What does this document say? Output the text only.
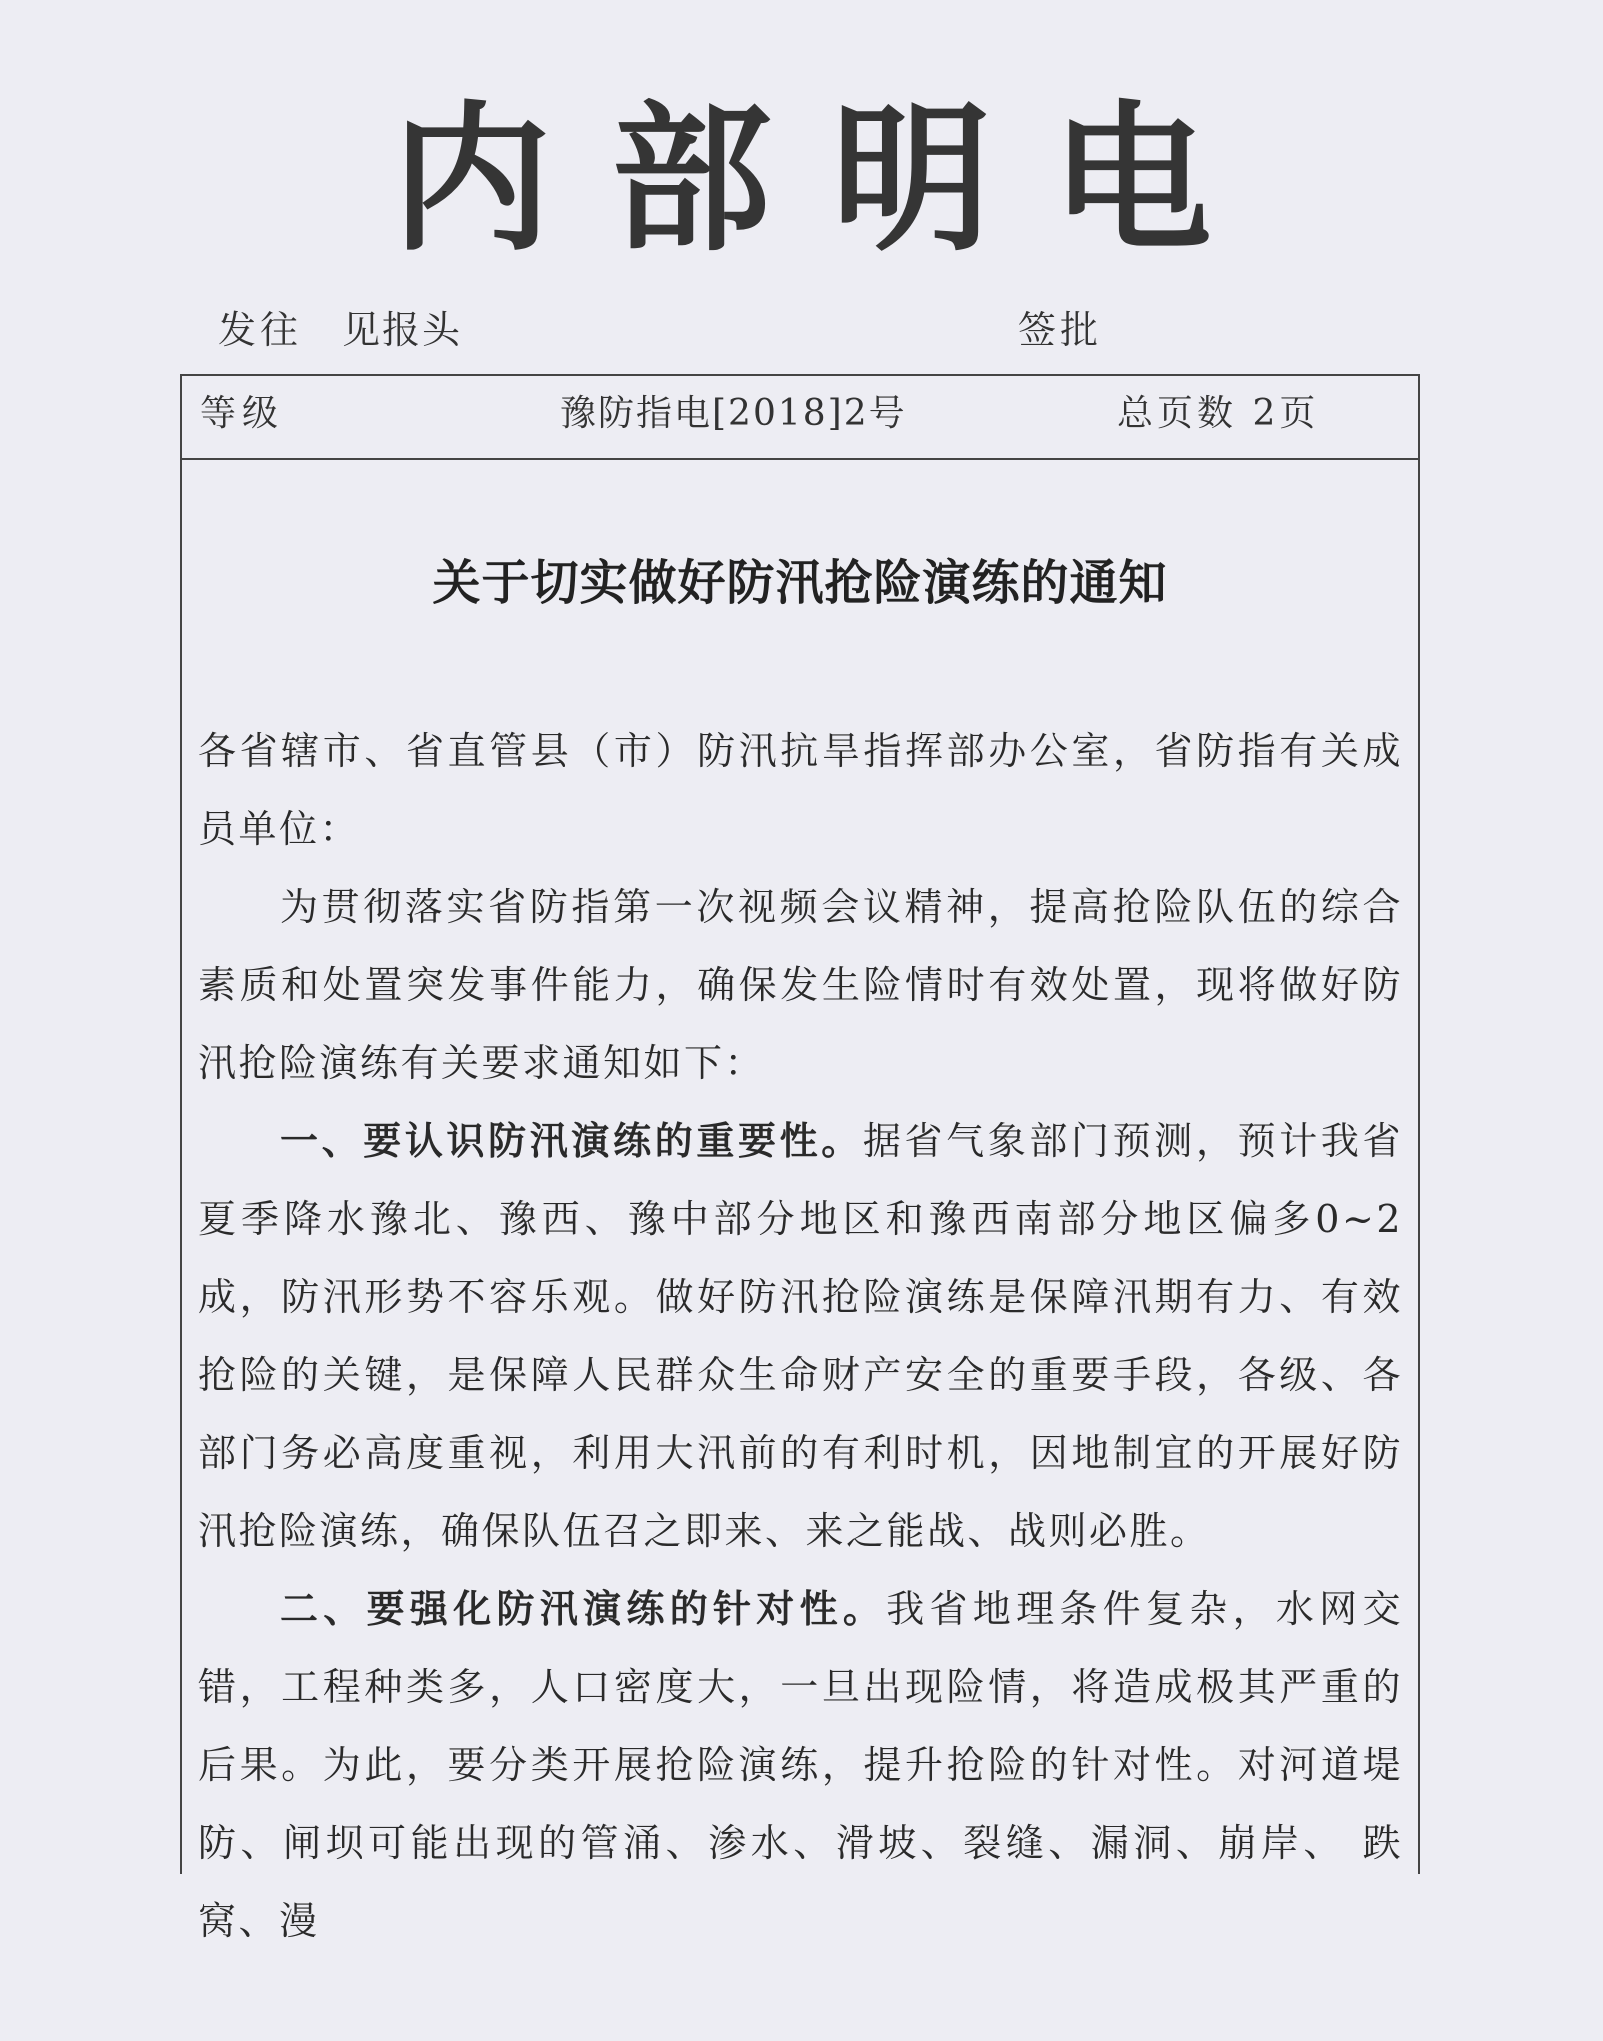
内部明电
发往 见报头	签批
等级	豫防指电[2018]2号	总页数 2页
关于切实做好防汛抢险演练的通知

各省辖市、省直管县（市）防汛抗旱指挥部办公室，省防指有关成员单位：

为贯彻落实省防指第一次视频会议精神，提高抢险队伍的综合素质和处置突发事件能力，确保发生险情时有效处置，现将做好防汛抢险演练有关要求通知如下：

一、要认识防汛演练的重要性。据省气象部门预测，预计我省夏季降水豫北、豫西、豫中部分地区和豫西南部分地区偏多0~2成，防汛形势不容乐观。做好防汛抢险演练是保障汛期有力、有效抢险的关键，是保障人民群众生命财产安全的重要手段，各级、各部门务必高度重视，利用大汛前的有利时机，因地制宜的开展好防汛抢险演练，确保队伍召之即来、来之能战、战则必胜。

二、要强化防汛演练的针对性。我省地理条件复杂，水网交错，工程种类多，人口密度大，一旦出现险情，将造成极其严重的后果。为此，要分类开展抢险演练，提升抢险的针对性。对河道堤防、闸坝可能出现的管涌、渗水、滑坡、裂缝、漏洞、崩岸、 跌窝、漫
